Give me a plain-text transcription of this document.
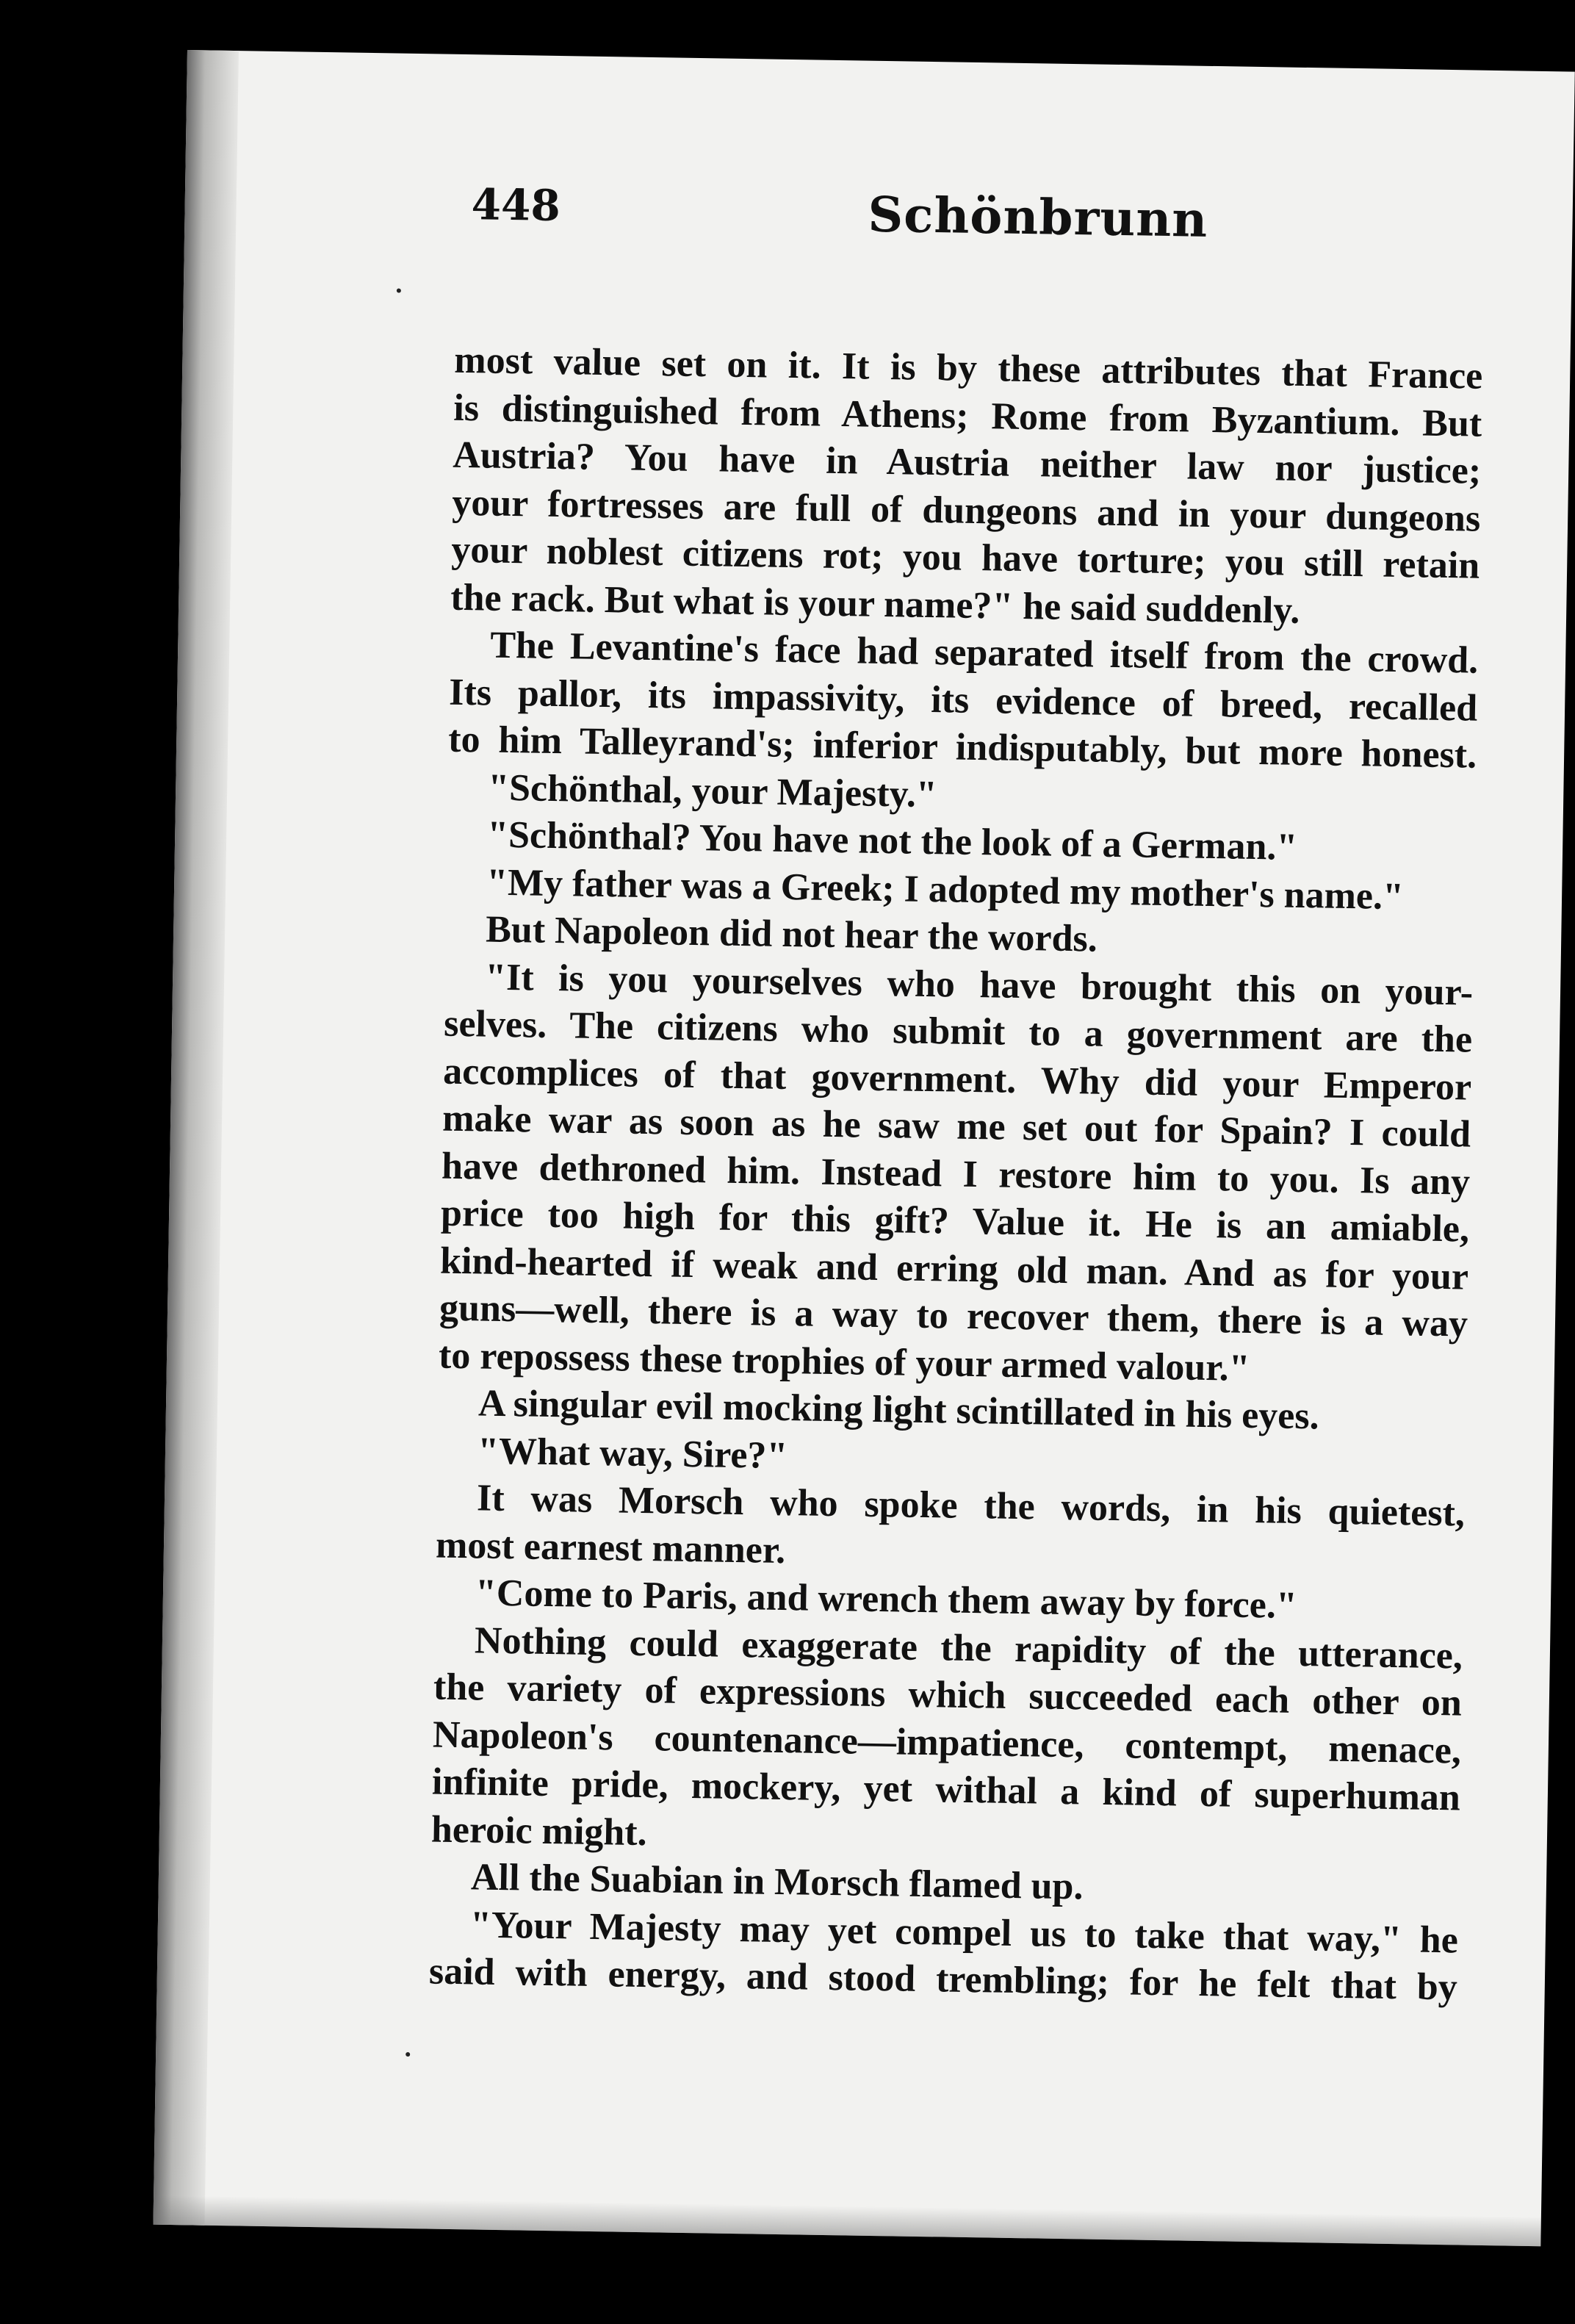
448	Schönbrunn
most value set on it. It is by these attributes that France
is distinguished from Athens; Rome from Byzantium. But
Austria? You have in Austria neither law nor justice;
your fortresses are full of dungeons and in your dungeons
your noblest citizens rot; you have torture; you still retain
the rack. But what is your name?" he said suddenly.
The Levantine's face had separated itself from the crowd.
Its pallor, its impassivity, its evidence of breed, recalled
to him Talleyrand's; inferior indisputably, but more honest.
"Schönthal, your Majesty."
"Schönthal? You have not the look of a German."
"My father was a Greek; I adopted my mother's name."
But Napoleon did not hear the words.
"It is you yourselves who have brought this on your-
selves. The citizens who submit to a government are the
accomplices of that government. Why did your Emperor
make war as soon as he saw me set out for Spain? I could
have dethroned him. Instead I restore him to you. Is any
price too high for this gift? Value it. He is an amiable,
kind-hearted if weak and erring old man. And as for your
guns—well, there is a way to recover them, there is a way
to repossess these trophies of your armed valour."
A singular evil mocking light scintillated in his eyes.
"What way, Sire?"
It was Morsch who spoke the words, in his quietest,
most earnest manner.
"Come to Paris, and wrench them away by force."
Nothing could exaggerate the rapidity of the utterance,
the variety of expressions which succeeded each other on
Napoleon's countenance—impatience, contempt, menace,
infinite pride, mockery, yet withal a kind of superhuman
heroic might.
All the Suabian in Morsch flamed up.
"Your Majesty may yet compel us to take that way," he
said with energy, and stood trembling; for he felt that by
